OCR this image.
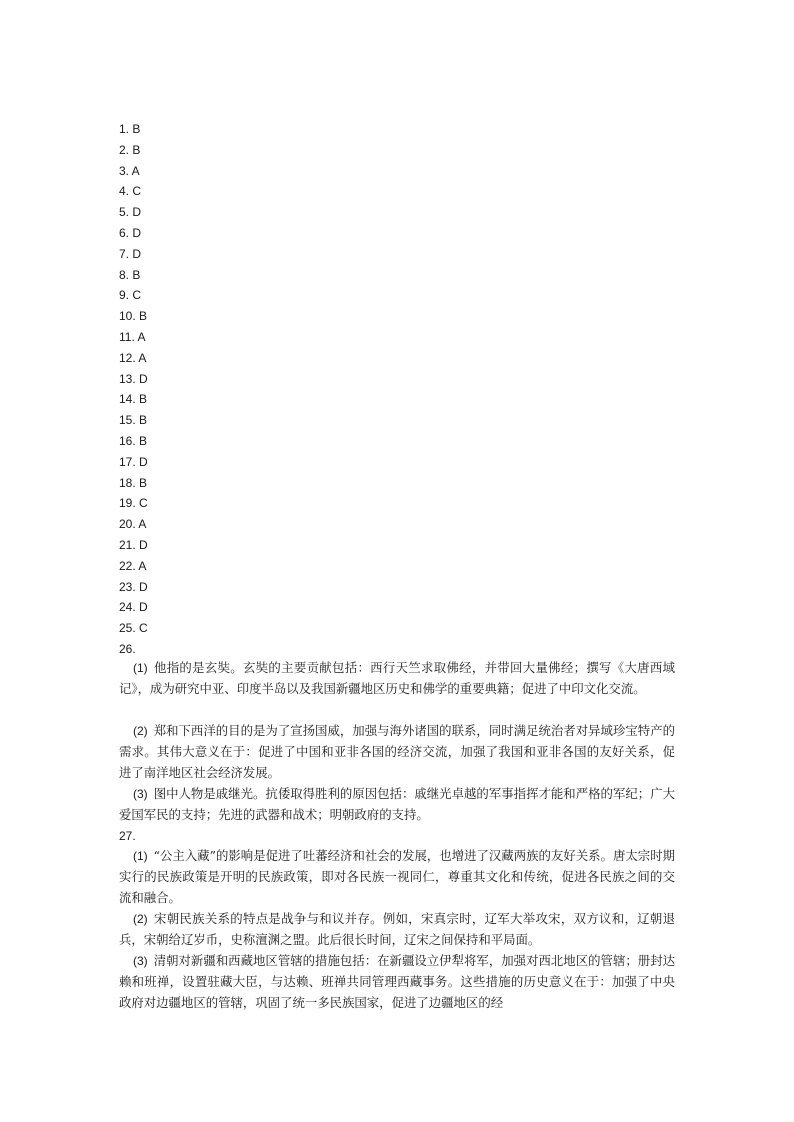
1. B
2. B
3. A
4. C
5. D
6. D
7. D
8. B
9. C
10. B
11. A
12. A
13. D
14. B
15. B
16. B
17. D
18. B
19. C
20. A
21. D
22. A
23. D
24. D
25. C
26.

(1) 他指的是玄奘。玄奘的主要贡献包括：西行天竺求取佛经，并带回大量佛经；撰写《大唐西域记》，成为研究中亚、印度半岛以及我国新疆地区历史和佛学的重要典籍；促进了中印文化交流。

(2) 郑和下西洋的目的是为了宣扬国威，加强与海外诸国的联系，同时满足统治者对异域珍宝特产的需求。其伟大意义在于：促进了中国和亚非各国的经济交流，加强了我国和亚非各国的友好关系，促进了南洋地区社会经济发展。

(3) 图中人物是戚继光。抗倭取得胜利的原因包括：戚继光卓越的军事指挥才能和严格的军纪；广大爱国军民的支持；先进的武器和战术；明朝政府的支持。

27.

(1) “公主入藏”的影响是促进了吐蕃经济和社会的发展，也增进了汉藏两族的友好关系。唐太宗时期实行的民族政策是开明的民族政策，即对各民族一视同仁，尊重其文化和传统，促进各民族之间的交流和融合。

(2) 宋朝民族关系的特点是战争与和议并存。例如，宋真宗时，辽军大举攻宋，双方议和，辽朝退兵，宋朝给辽岁币，史称澶渊之盟。此后很长时间，辽宋之间保持和平局面。

(3) 清朝对新疆和西藏地区管辖的措施包括：在新疆设立伊犁将军，加强对西北地区的管辖；册封达赖和班禅，设置驻藏大臣，与达赖、班禅共同管理西藏事务。这些措施的历史意义在于：加强了中央政府对边疆地区的管辖，巩固了统一多民族国家，促进了边疆地区的经
